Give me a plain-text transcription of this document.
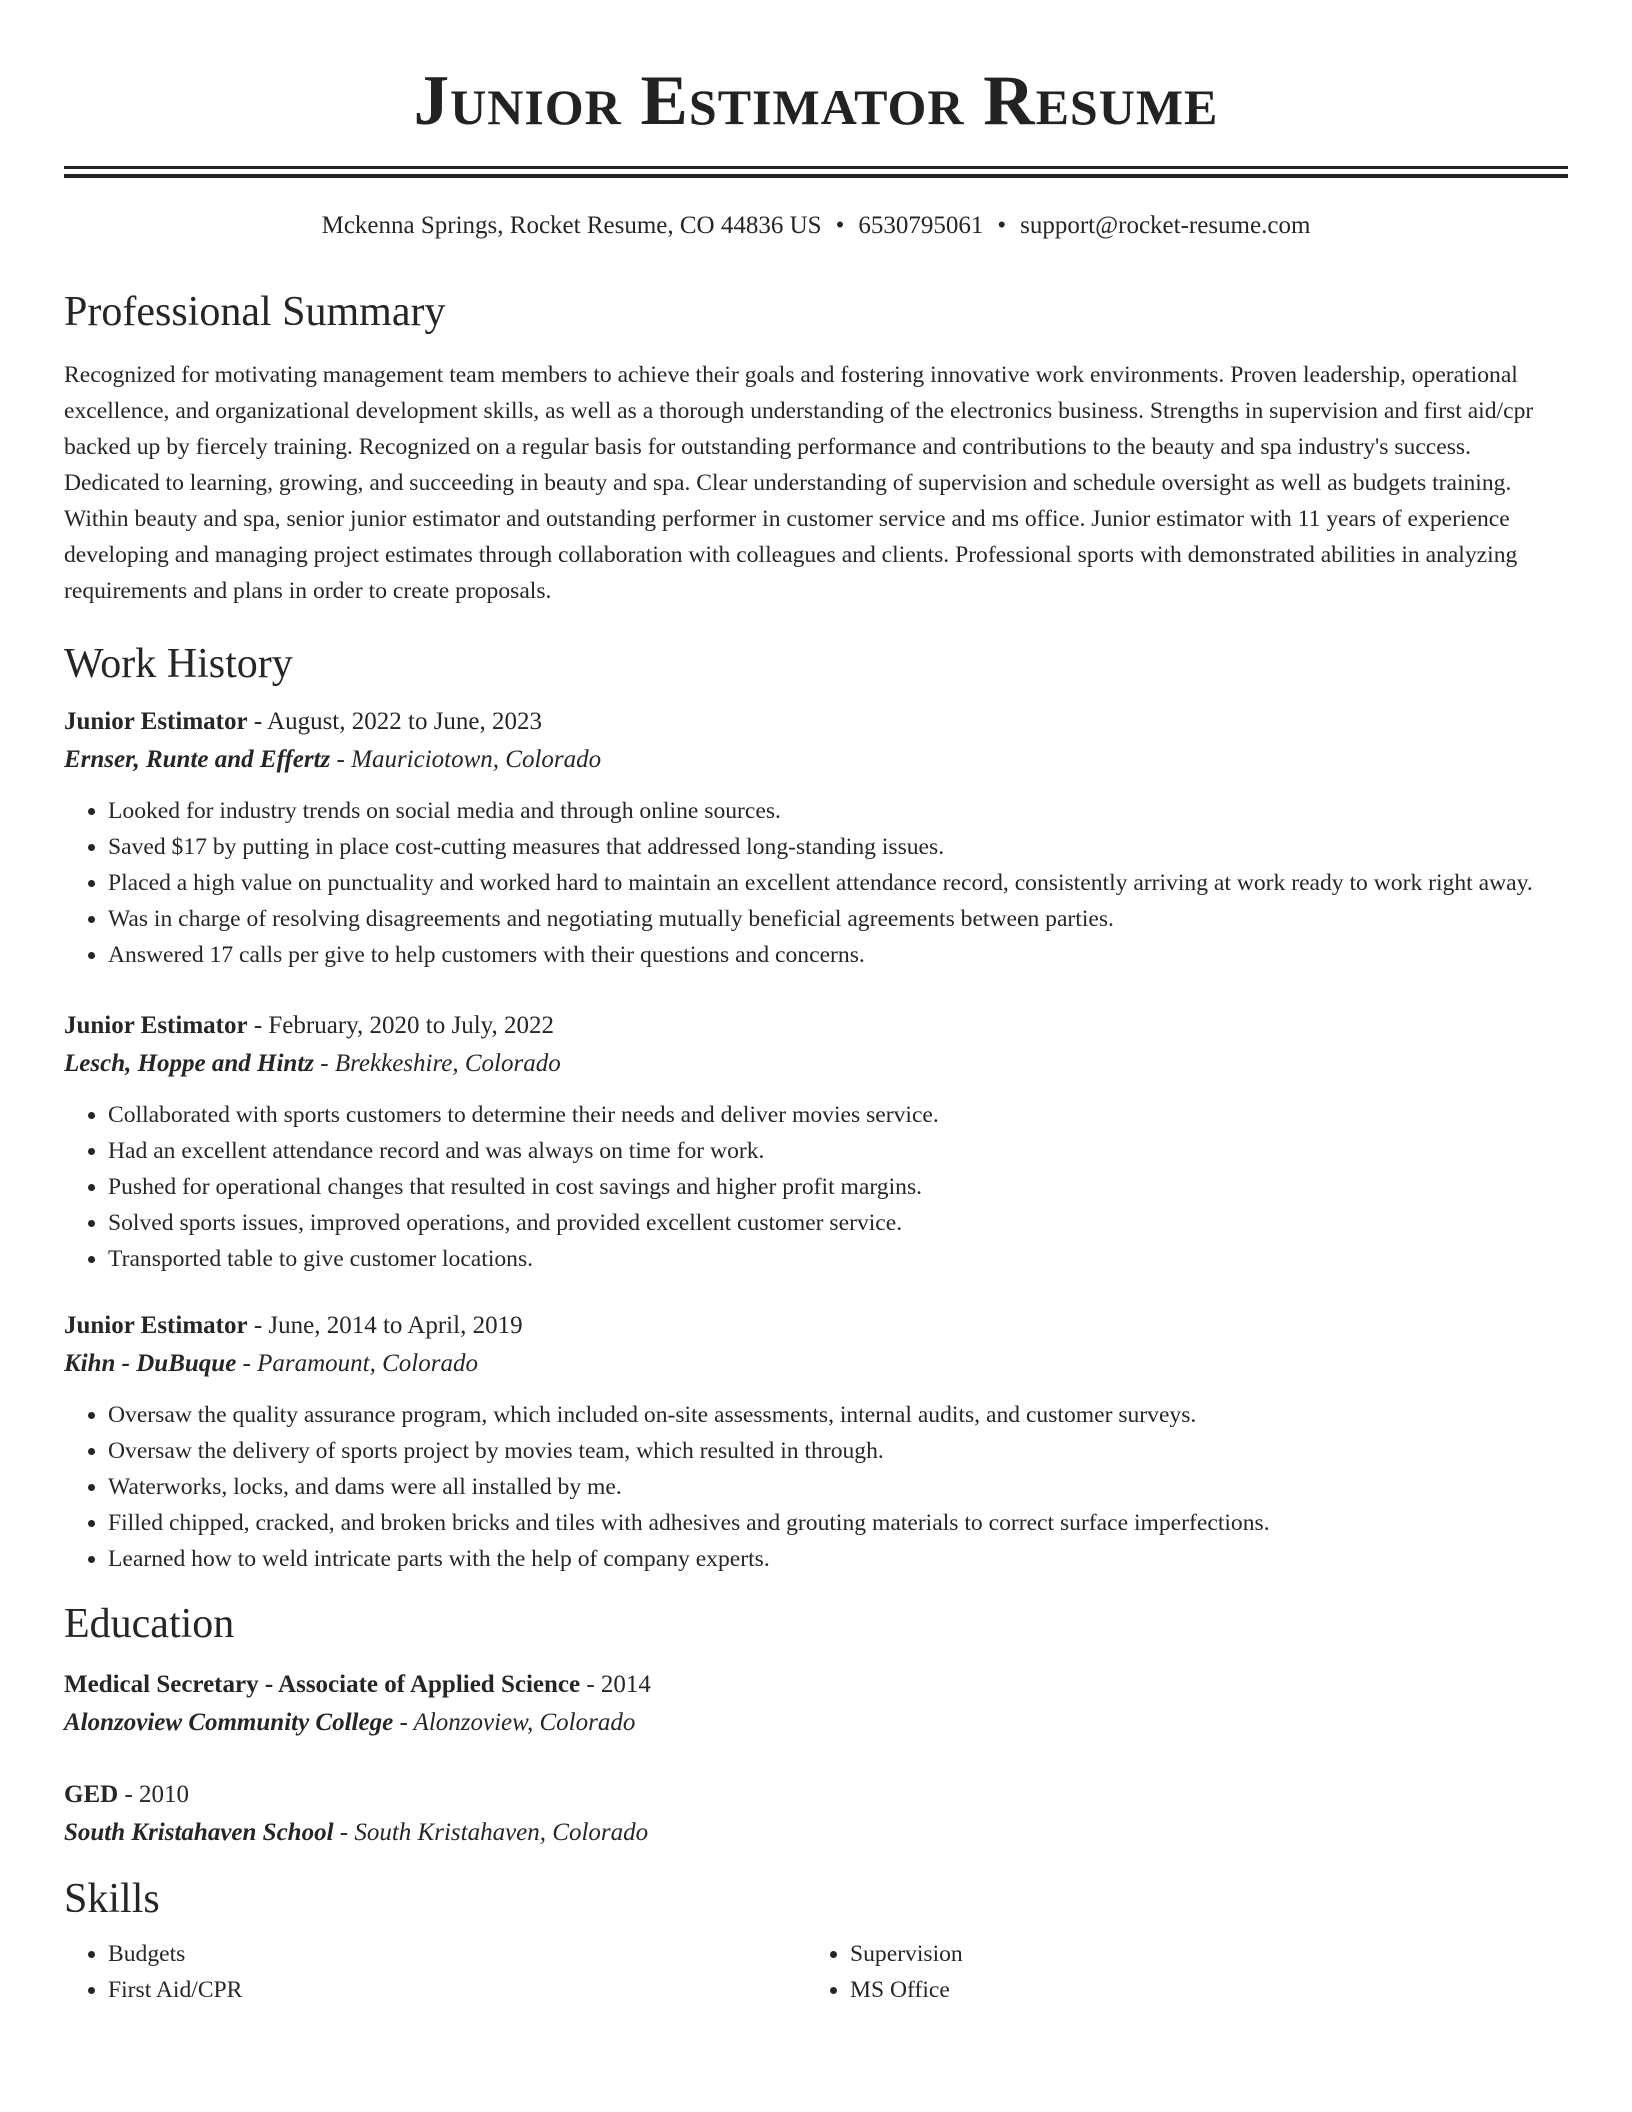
Junior Estimator Resume
Mckenna Springs, Rocket Resume, CO 44836 US • 6530795061 • support@rocket-resume.com
Professional Summary
Recognized for motivating management team members to achieve their goals and fostering innovative work environments. Proven leadership, operational excellence, and organizational development skills, as well as a thorough understanding of the electronics business. Strengths in supervision and first aid/cpr backed up by fiercely training. Recognized on a regular basis for outstanding performance and contributions to the beauty and spa industry's success. Dedicated to learning, growing, and succeeding in beauty and spa. Clear understanding of supervision and schedule oversight as well as budgets training. Within beauty and spa, senior junior estimator and outstanding performer in customer service and ms office. Junior estimator with 11 years of experience developing and managing project estimates through collaboration with colleagues and clients. Professional sports with demonstrated abilities in analyzing requirements and plans in order to create proposals.
Work History
Junior Estimator - August, 2022 to June, 2023
Ernser, Runte and Effertz - Mauriciotown, Colorado
• Looked for industry trends on social media and through online sources.
• Saved $17 by putting in place cost-cutting measures that addressed long-standing issues.
• Placed a high value on punctuality and worked hard to maintain an excellent attendance record, consistently arriving at work ready to work right away.
• Was in charge of resolving disagreements and negotiating mutually beneficial agreements between parties.
• Answered 17 calls per give to help customers with their questions and concerns.
Junior Estimator - February, 2020 to July, 2022
Lesch, Hoppe and Hintz - Brekkeshire, Colorado
• Collaborated with sports customers to determine their needs and deliver movies service.
• Had an excellent attendance record and was always on time for work.
• Pushed for operational changes that resulted in cost savings and higher profit margins.
• Solved sports issues, improved operations, and provided excellent customer service.
• Transported table to give customer locations.
Junior Estimator - June, 2014 to April, 2019
Kihn - DuBuque - Paramount, Colorado
• Oversaw the quality assurance program, which included on-site assessments, internal audits, and customer surveys.
• Oversaw the delivery of sports project by movies team, which resulted in through.
• Waterworks, locks, and dams were all installed by me.
• Filled chipped, cracked, and broken bricks and tiles with adhesives and grouting materials to correct surface imperfections.
• Learned how to weld intricate parts with the help of company experts.
Education
Medical Secretary - Associate of Applied Science - 2014
Alonzoview Community College - Alonzoview, Colorado
GED - 2010
South Kristahaven School - South Kristahaven, Colorado
Skills
• Budgets
• First Aid/CPR
• Supervision
• MS Office
